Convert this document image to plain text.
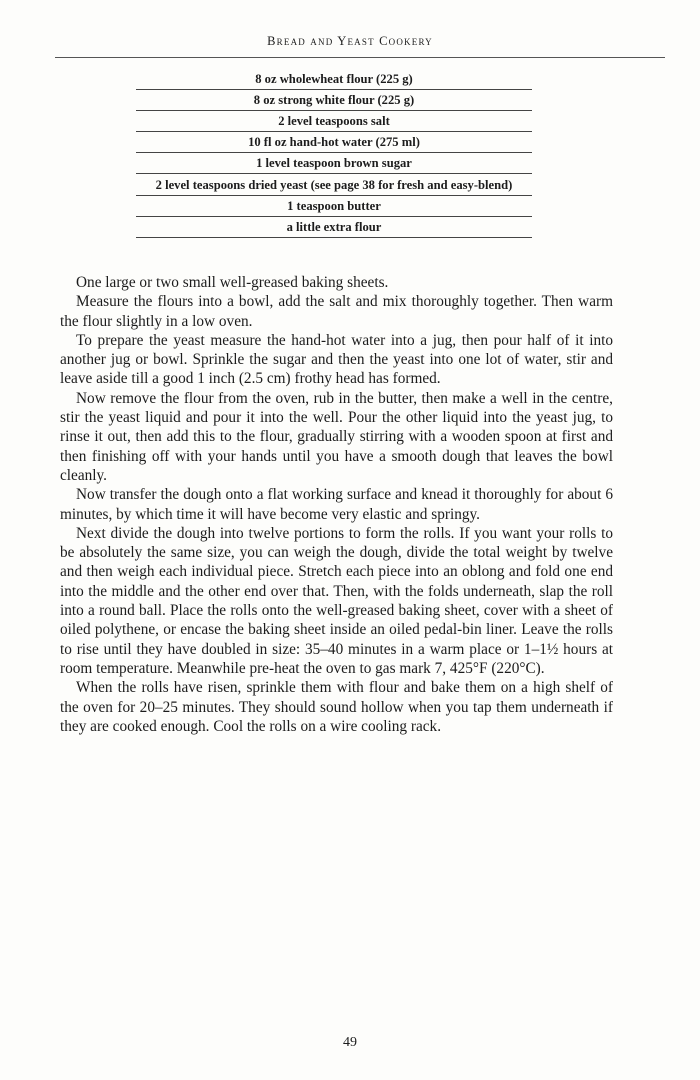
Bread and Yeast Cookery
8 oz wholewheat flour (225 g)
8 oz strong white flour (225 g)
2 level teaspoons salt
10 fl oz hand-hot water (275 ml)
1 level teaspoon brown sugar
2 level teaspoons dried yeast (see page 38 for fresh and easy-blend)
1 teaspoon butter
a little extra flour

One large or two small well-greased baking sheets.

Measure the flours into a bowl, add the salt and mix thoroughly together. Then warm the flour slightly in a low oven.

To prepare the yeast measure the hand-hot water into a jug, then pour half of it into another jug or bowl. Sprinkle the sugar and then the yeast into one lot of water, stir and leave aside till a good 1 inch (2.5 cm) frothy head has formed.

Now remove the flour from the oven, rub in the butter, then make a well in the centre, stir the yeast liquid and pour it into the well. Pour the other liquid into the yeast jug, to rinse it out, then add this to the flour, gradually stirring with a wooden spoon at first and then finishing off with your hands until you have a smooth dough that leaves the bowl cleanly.

Now transfer the dough onto a flat working surface and knead it thoroughly for about 6 minutes, by which time it will have become very elastic and springy.

Next divide the dough into twelve portions to form the rolls. If you want your rolls to be absolutely the same size, you can weigh the dough, divide the total weight by twelve and then weigh each individual piece. Stretch each piece into an oblong and fold one end into the middle and the other end over that. Then, with the folds underneath, slap the roll into a round ball. Place the rolls onto the well-greased baking sheet, cover with a sheet of oiled polythene, or encase the baking sheet inside an oiled pedal-bin liner. Leave the rolls to rise until they have doubled in size: 35–40 minutes in a warm place or 1–1½ hours at room temperature. Meanwhile pre-heat the oven to gas mark 7, 425°F (220°C).

When the rolls have risen, sprinkle them with flour and bake them on a high shelf of the oven for 20–25 minutes. They should sound hollow when you tap them underneath if they are cooked enough. Cool the rolls on a wire cooling rack.

49
